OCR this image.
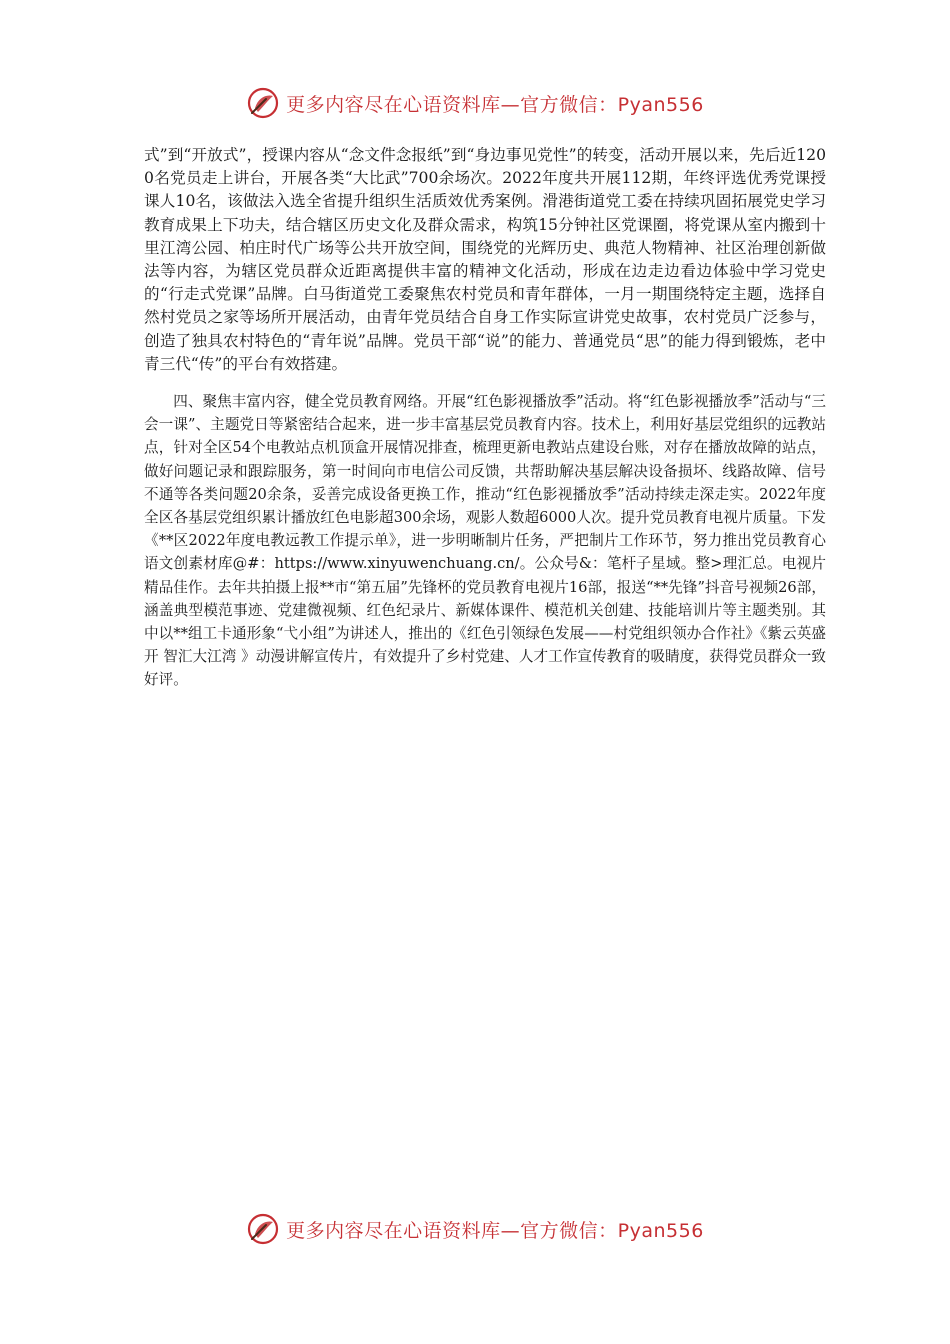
更多内容尽在心语资料库—官方微信：Pyan556

式”到“开放式”，授课内容从“念文件念报纸”到“身边事见党性”的转变，活动开展以来，先后近1200名党员走上讲台，开展各类“大比武”700余场次。2022年度共开展112期，年终评选优秀党课授课人10名，该做法入选全省提升组织生活质效优秀案例。滑港街道党工委在持续巩固拓展党史学习教育成果上下功夫，结合辖区历史文化及群众需求，构筑15分钟社区党课圈，将党课从室内搬到十里江湾公园、柏庄时代广场等公共开放空间，围绕党的光辉历史、典范人物精神、社区治理创新做法等内容，为辖区党员群众近距离提供丰富的精神文化活动，形成在边走边看边体验中学习党史的“行走式党课”品牌。白马街道党工委聚焦农村党员和青年群体，一月一期围绕特定主题，选择自然村党员之家等场所开展活动，由青年党员结合自身工作实际宣讲党史故事，农村党员广泛参与，创造了独具农村特色的“青年说”品牌。党员干部“说”的能力、普通党员“思”的能力得到锻炼，老中青三代“传”的平台有效搭建。

四、聚焦丰富内容，健全党员教育网络。开展“红色影视播放季”活动。将“红色影视播放季”活动与“三会一课”、主题党日等紧密结合起来，进一步丰富基层党员教育内容。技术上，利用好基层党组织的远教站点，针对全区54个电教站点机顶盒开展情况排查，梳理更新电教站点建设台账，对存在播放故障的站点，做好问题记录和跟踪服务，第一时间向市电信公司反馈，共帮助解决基层解决设备损坏、线路故障、信号不通等各类问题20余条，妥善完成设备更换工作，推动“红色影视播放季”活动持续走深走实。2022年度全区各基层党组织累计播放红色电影超300余场，观影人数超6000人次。提升党员教育电视片质量。下发《**区2022年度电教远教工作提示单》，进一步明晰制片任务，严把制片工作环节，努力推出党员教育心语文创素材库@#：https://www.xinyuwenchuang.cn/。公众号&：笔杆子星域。整>理汇总。电视片精品佳作。去年共拍摄上报**市“第五届”先锋杯的党员教育电视片16部，报送“**先锋”抖音号视频26部，涵盖典型模范事迹、党建微视频、红色纪录片、新媒体课件、模范机关创建、技能培训片等主题类别。其中以**组工卡通形象“弋小组”为讲述人，推出的《红色引领绿色发展——村党组织领办合作社》《紫云英盛开 智汇大江湾 》动漫讲解宣传片，有效提升了乡村党建、人才工作宣传教育的吸睛度，获得党员群众一致好评。

更多内容尽在心语资料库—官方微信：Pyan556
